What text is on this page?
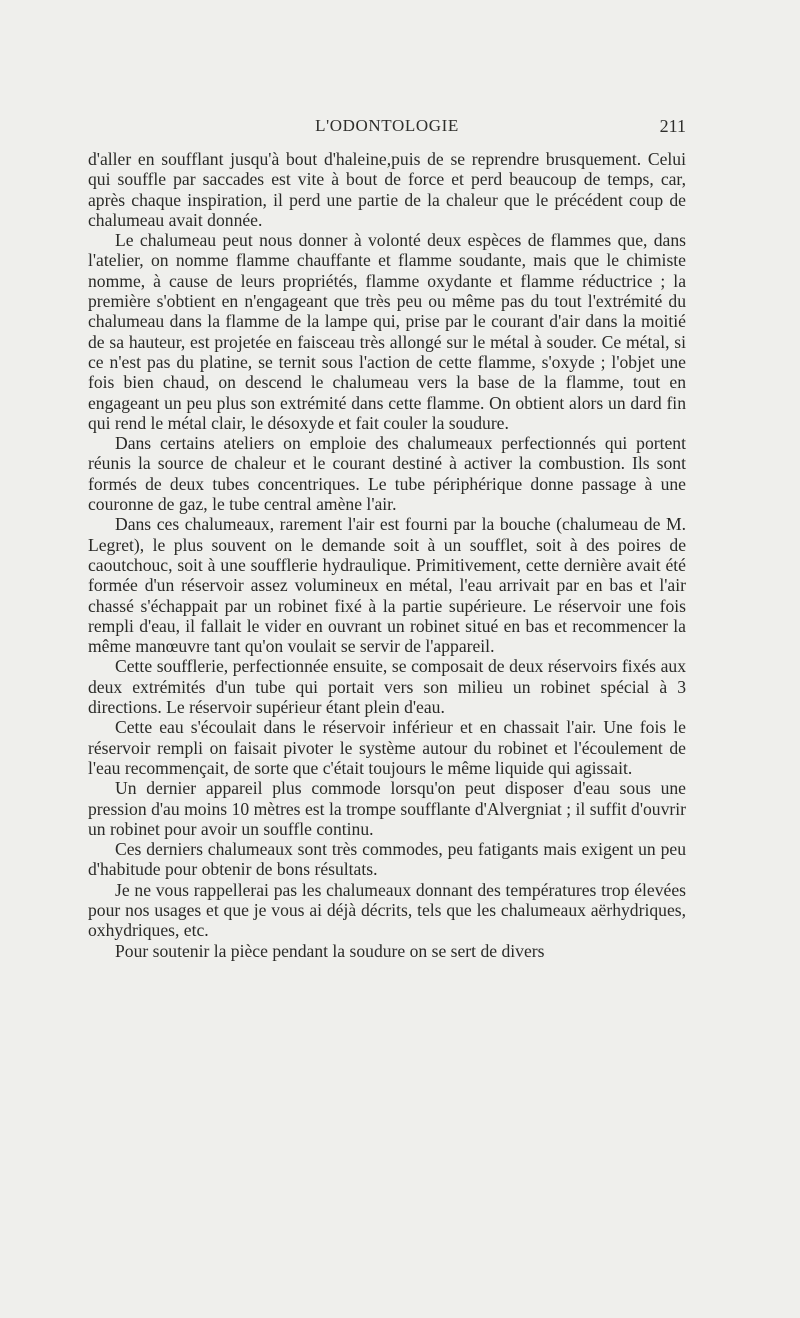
L'ODONTOLOGIE	211

d'aller en soufflant jusqu'à bout d'haleine,puis de se reprendre brusquement. Celui qui souffle par saccades est vite à bout de force et perd beaucoup de temps, car, après chaque inspiration, il perd une partie de la chaleur que le précédent coup de chalumeau avait donnée.

Le chalumeau peut nous donner à volonté deux espèces de flammes que, dans l'atelier, on nomme flamme chauffante et flamme soudante, mais que le chimiste nomme, à cause de leurs propriétés, flamme oxydante et flamme réductrice ; la première s'obtient en n'engageant que très peu ou même pas du tout l'extrémité du chalumeau dans la flamme de la lampe qui, prise par le courant d'air dans la moitié de sa hauteur, est projetée en faisceau très allongé sur le métal à souder. Ce métal, si ce n'est pas du platine, se ternit sous l'action de cette flamme, s'oxyde ; l'objet une fois bien chaud, on descend le chalumeau vers la base de la flamme, tout en engageant un peu plus son extrémité dans cette flamme. On obtient alors un dard fin qui rend le métal clair, le désoxyde et fait couler la soudure.

Dans certains ateliers on emploie des chalumeaux perfectionnés qui portent réunis la source de chaleur et le courant destiné à activer la combustion. Ils sont formés de deux tubes concentriques. Le tube périphérique donne passage à une couronne de gaz, le tube central amène l'air.

Dans ces chalumeaux, rarement l'air est fourni par la bouche (chalumeau de M. Legret), le plus souvent on le demande soit à un soufflet, soit à des poires de caoutchouc, soit à une soufflerie hydraulique. Primitivement, cette dernière avait été formée d'un réservoir assez volumineux en métal, l'eau arrivait par en bas et l'air chassé s'échappait par un robinet fixé à la partie supérieure. Le réservoir une fois rempli d'eau, il fallait le vider en ouvrant un robinet situé en bas et recommencer la même manœuvre tant qu'on voulait se servir de l'appareil.

Cette soufflerie, perfectionnée ensuite, se composait de deux réservoirs fixés aux deux extrémités d'un tube qui portait vers son milieu un robinet spécial à 3 directions. Le réservoir supérieur étant plein d'eau.

Cette eau s'écoulait dans le réservoir inférieur et en chassait l'air. Une fois le réservoir rempli on faisait pivoter le système autour du robinet et l'écoulement de l'eau recommençait, de sorte que c'était toujours le même liquide qui agissait.

Un dernier appareil plus commode lorsqu'on peut disposer d'eau sous une pression d'au moins 10 mètres est la trompe soufflante d'Alvergniat ; il suffit d'ouvrir un robinet pour avoir un souffle continu.

Ces derniers chalumeaux sont très commodes, peu fatigants mais exigent un peu d'habitude pour obtenir de bons résultats.

Je ne vous rappellerai pas les chalumeaux donnant des températures trop élevées pour nos usages et que je vous ai déjà décrits, tels que les chalumeaux aërhydriques, oxhydriques, etc.

Pour soutenir la pièce pendant la soudure on se sert de divers
